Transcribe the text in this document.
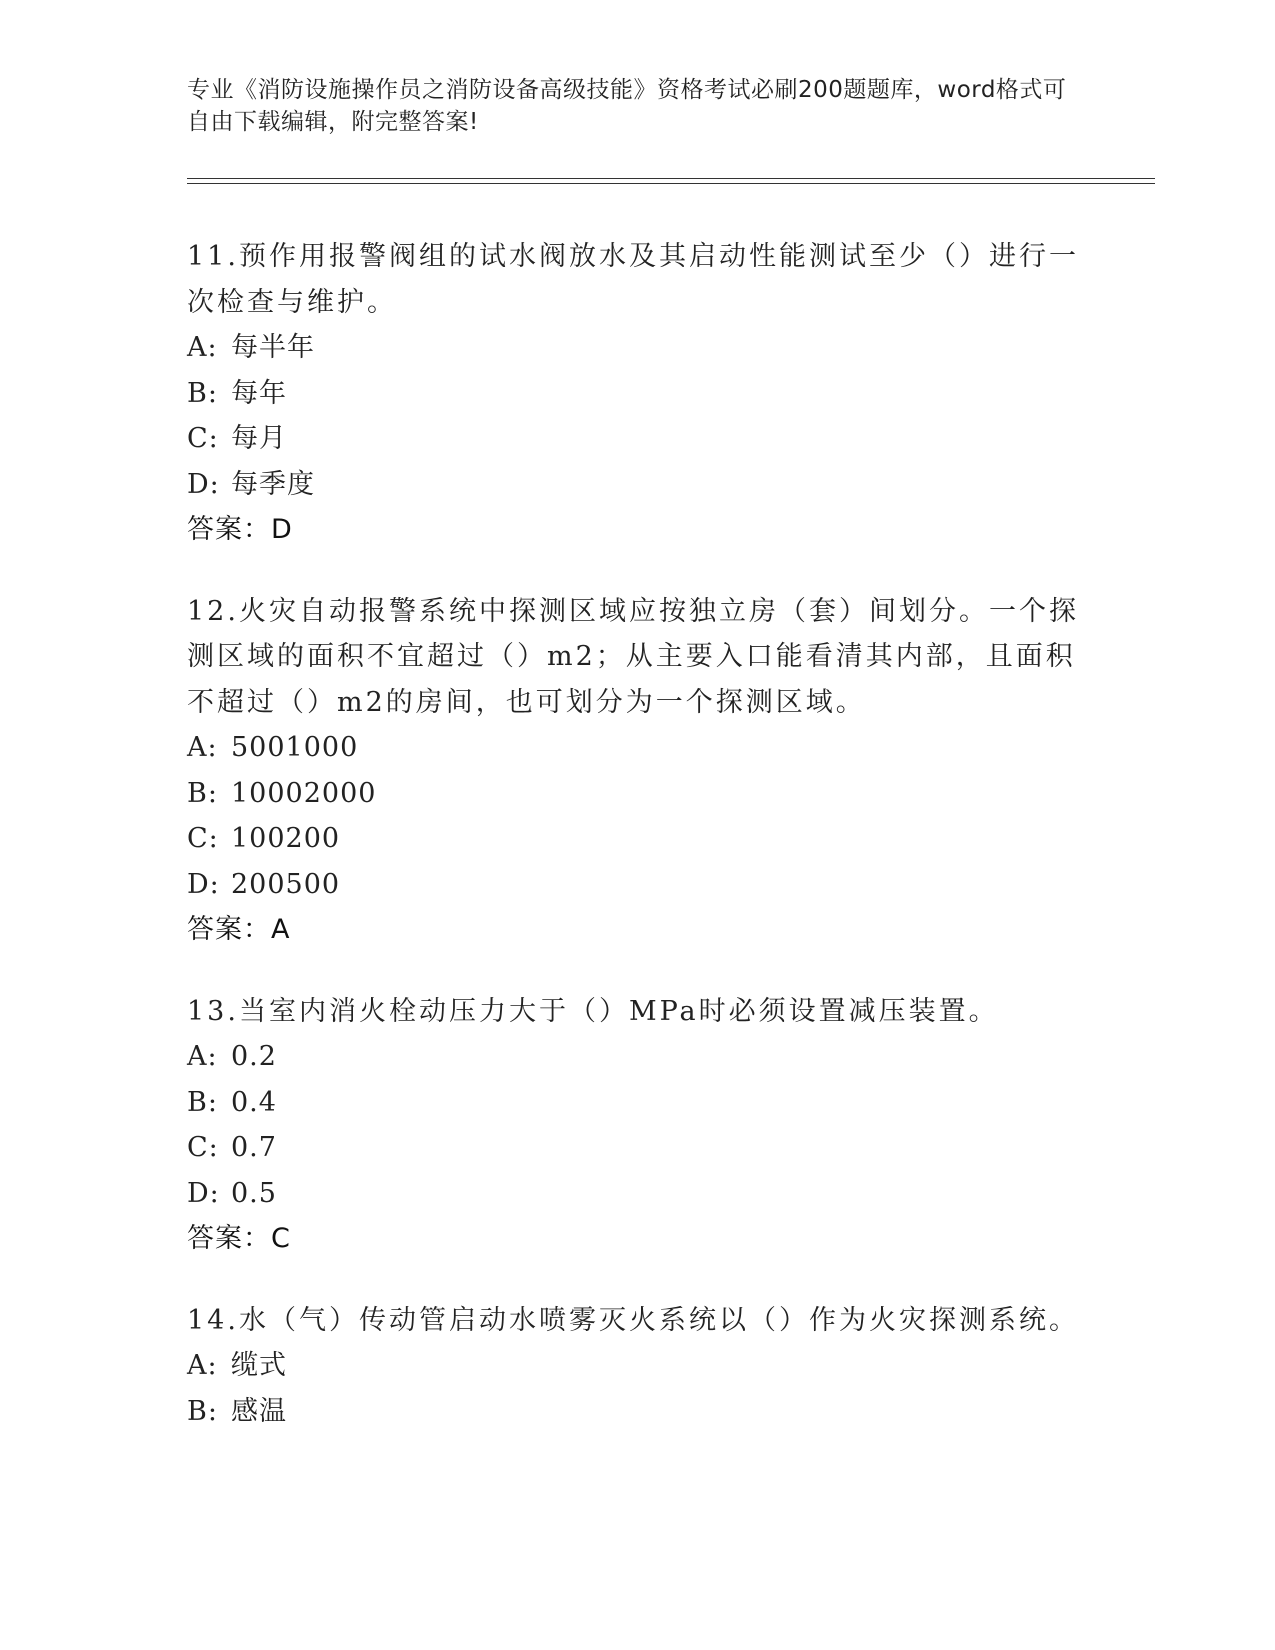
专业《消防设施操作员之消防设备高级技能》资格考试必刷200题题库，word格式可自由下载编辑，附完整答案!

11.预作用报警阀组的试水阀放水及其启动性能测试至少（）进行一次检查与维护。

A: 每半年
B: 每年
C: 每月
D: 每季度
答案：D

12.火灾自动报警系统中探测区域应按独立房（套）间划分。一个探测区域的面积不宜超过（）m2；从主要入口能看清其内部，且面积不超过（）m2的房间，也可划分为一个探测区域。

A: 5001000
B: 10002000
C: 100200
D: 200500
答案：A

13.当室内消火栓动压力大于（）MPa时必须设置减压装置。

A: 0.2
B: 0.4
C: 0.7
D: 0.5
答案：C

14.水（气）传动管启动水喷雾灭火系统以（）作为火灾探测系统。

A: 缆式
B: 感温
